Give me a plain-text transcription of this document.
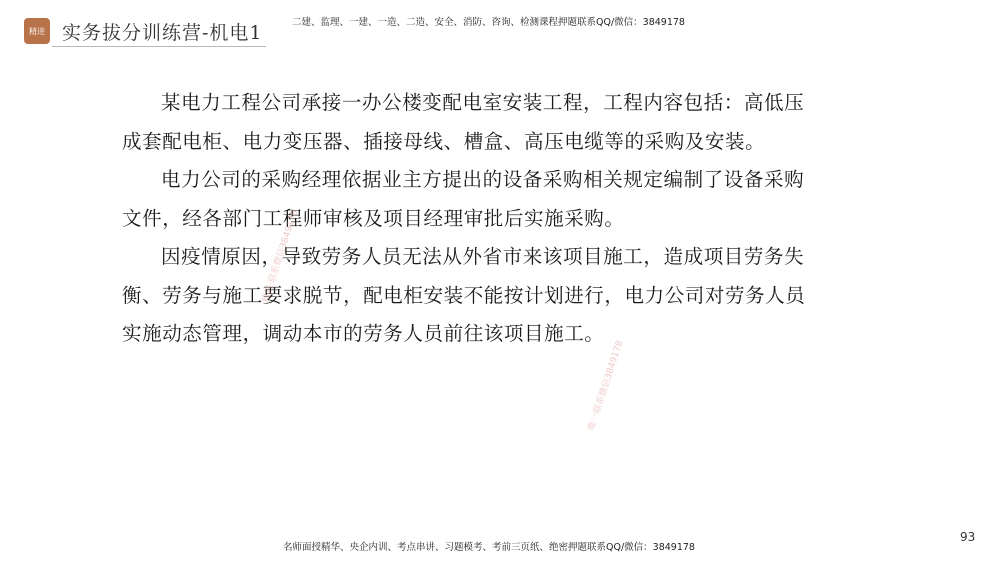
精进 实务拔分训练营-机电1	二建、监理、一建、一造、二造、安全、消防、咨询、检测课程押题联系QQ/微信：3849178

某电力工程公司承接一办公楼变配电室安装工程，工程内容包括：高低压成套配电柜、电力变压器、插接母线、槽盒、高压电缆等的采购及安装。

电力公司的采购经理依据业主方提出的设备采购相关规定编制了设备采购文件，经各部门工程师审核及项目经理审批后实施采购。

因疫情原因，导致劳务人员无法从外省市来该项目施工，造成项目劳务失衡、劳务与施工要求脱节，配电柜安装不能按计划进行，电力公司对劳务人员实施动态管理，调动本市的劳务人员前往该项目施工。

精进·联系微信3849178
唯一联系微信3849178
名师面授精华、央企内训、考点串讲、习题模考、考前三页纸、绝密押题联系QQ/微信：3849178
93
